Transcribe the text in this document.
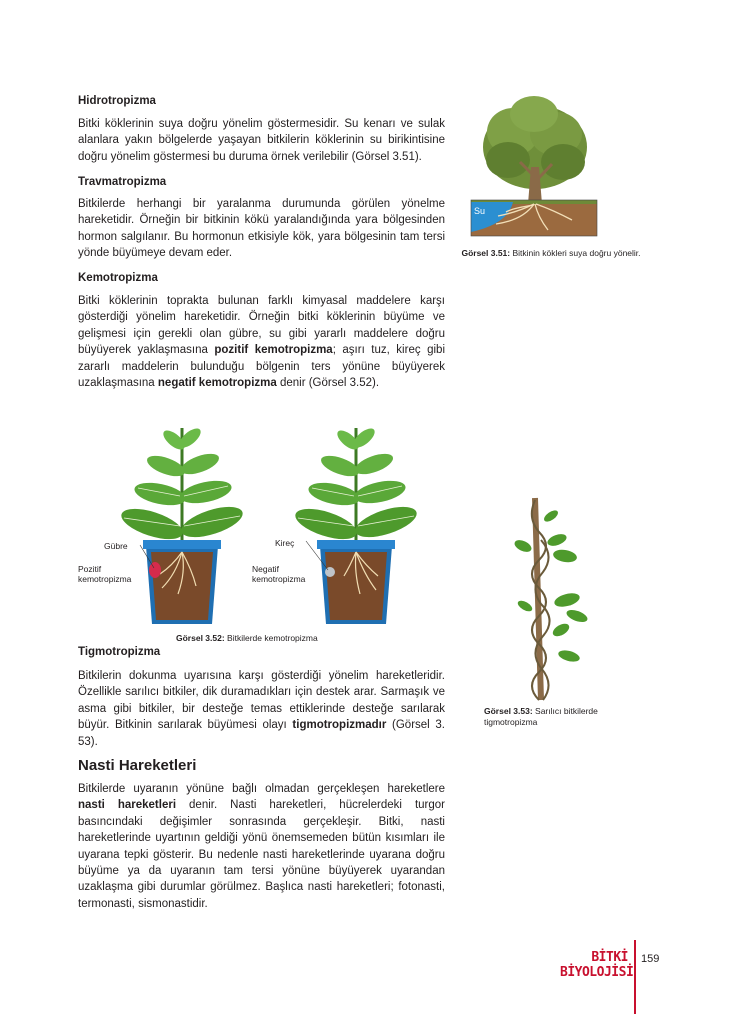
Hidrotropizma

Bitki köklerinin suya doğru yönelim göstermesidir. Su kenarı ve sulak alanlara yakın bölgelerde yaşayan bitkilerin köklerinin su birikintisine doğru yönelim göstermesi bu duruma örnek verilebilir (Görsel 3.51).

Travmatropizma

Bitkilerde herhangi bir yaralanma durumunda görülen yönelme hareketidir. Örneğin bir bitkinin kökü yaralandığında yara bölgesinden hormon salgılanır. Bu hormonun etkisiyle kök, yara bölgesinin tam tersi yönde büyümeye devam eder.

Kemotropizma

Bitki köklerinin toprakta bulunan farklı kimyasal maddelere karşı gösterdiği yönelim hareketidir. Örneğin bitki köklerinin büyüme ve gelişmesi için gerekli olan gübre, su gibi yararlı maddelere doğru büyüyerek yaklaşmasına pozitif kemotropizma; aşırı tuz, kireç gibi zararlı maddelerin bulunduğu bölgenin ters yönüne büyüyerek uzaklaşmasına negatif kemotropizma denir (Görsel 3.52).

Su
Görsel 3.51: Bitkinin kökleri suya doğru yönelir.
Gübre
Pozitif
kemotropizma
Kireç
Negatif
kemotropizma
Görsel 3.52: Bitkilerde kemotropizma
Tigmotropizma

Bitkilerin dokunma uyarısına karşı gösterdiği yönelim hareketleridir. Özellikle sarılıcı bitkiler, dik duramadıkları için destek arar. Sarmaşık ve asma gibi bitkiler, bir desteğe temas ettiklerinde desteğe sarılarak büyür. Bitkinin sarılarak büyümesi olayı tigmotropizmadır (Görsel 3. 53).

Görsel 3.53: Sarılıcı bitkilerde
tigmotropizma
Nasti Hareketleri

Bitkilerde uyaranın yönüne bağlı olmadan gerçekleşen hareketlere nasti hareketleri denir. Nasti hareketleri, hücrelerdeki turgor basıncındaki değişimler sonrasında gerçekleşir. Bitki, nasti hareketlerinde uyartının geldiği yönü önemsemeden bütün kısımları ile uyarana tepki gösterir. Bu nedenle nasti hareketlerinde uyarana doğru büyüme ya da uyaranın tam tersi yönüne büyüyerek uyarandan uzaklaşma gibi durumlar görülmez. Başlıca nasti hareketleri; fotonasti, termonasti, sismonastidir.

BİTKİ
BİYOLOJİSİ
159
